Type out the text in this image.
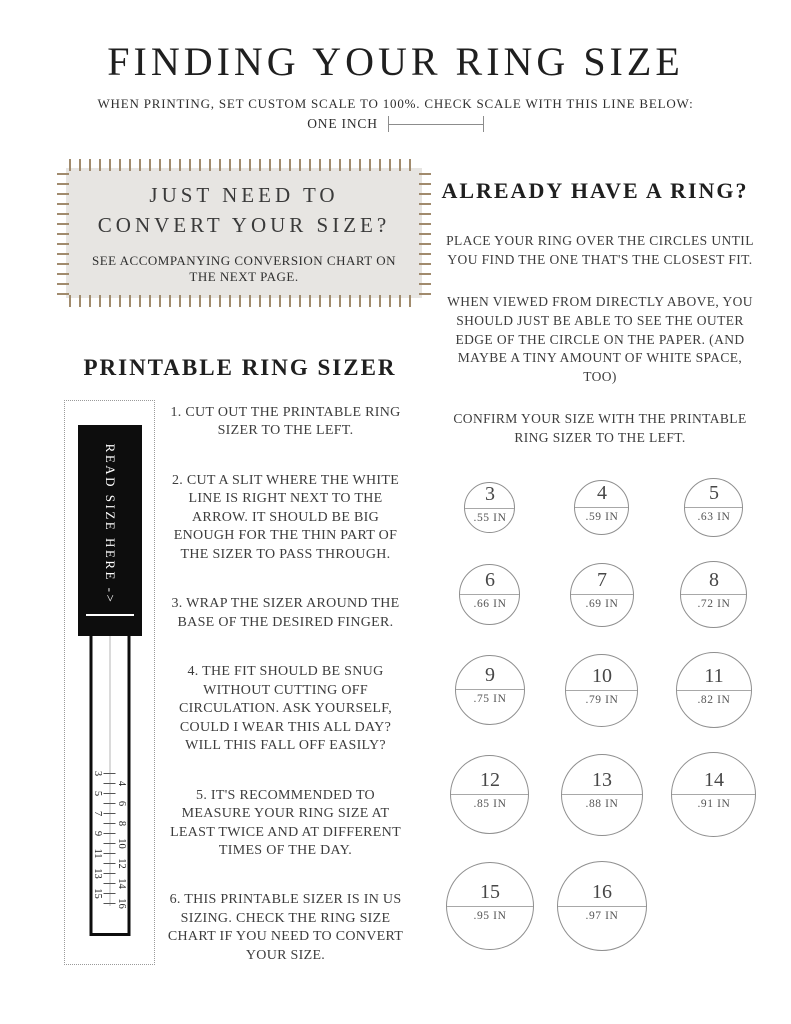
FINDING YOUR RING SIZE
WHEN PRINTING, SET CUSTOM SCALE TO 100%. CHECK SCALE WITH THIS LINE BELOW:
ONE INCH
JUST NEED TO CONVERT YOUR SIZE?
SEE ACCOMPANYING CONVERSION CHART ON THE NEXT PAGE.
PRINTABLE RING SIZER
READ SIZE HERE ->
3
4
5
6
7
8
9
10
11
12
13
14
15
16
1. CUT OUT THE PRINTABLE RING SIZER TO THE LEFT.
2. CUT A SLIT WHERE THE WHITE LINE IS RIGHT NEXT TO THE ARROW. IT SHOULD BE BIG ENOUGH FOR THE THIN PART OF THE SIZER TO PASS THROUGH.
3. WRAP THE SIZER AROUND THE BASE OF THE DESIRED FINGER.
4. THE FIT SHOULD BE SNUG WITHOUT CUTTING OFF CIRCULATION. ASK YOURSELF, COULD I WEAR THIS ALL DAY? WILL THIS FALL OFF EASILY?
5. IT'S RECOMMENDED TO MEASURE YOUR RING SIZE AT LEAST TWICE AND AT DIFFERENT TIMES OF THE DAY.
6. THIS PRINTABLE SIZER IS IN US SIZING. CHECK THE RING SIZE CHART IF YOU NEED TO CONVERT YOUR SIZE.
ALREADY HAVE A RING?
PLACE YOUR RING OVER THE CIRCLES UNTIL YOU FIND THE ONE THAT'S THE CLOSEST FIT.
WHEN VIEWED FROM DIRECTLY ABOVE, YOU SHOULD JUST BE ABLE TO SEE THE OUTER EDGE OF THE CIRCLE ON THE PAPER. (AND MAYBE A TINY AMOUNT OF WHITE SPACE, TOO)
CONFIRM YOUR SIZE WITH THE PRINTABLE RING SIZER TO THE LEFT.
3
.55 IN
4
.59 IN
5
.63 IN
6
.66 IN
7
.69 IN
8
.72 IN
9
.75 IN
10
.79 IN
11
.82 IN
12
.85 IN
13
.88 IN
14
.91 IN
15
.95 IN
16
.97 IN
